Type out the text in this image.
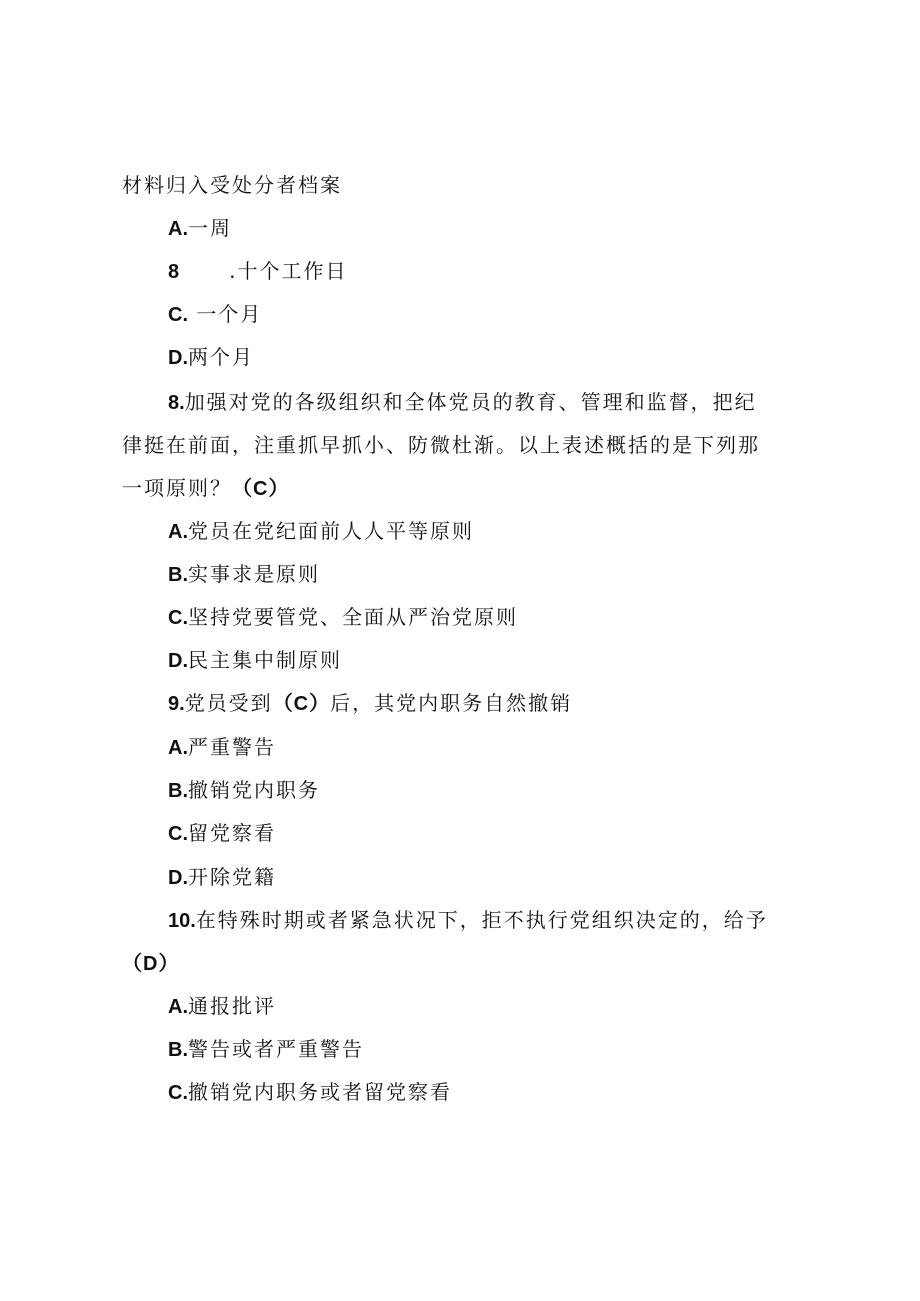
材料归入受处分者档案
A.一周
8	.十个工作日
C. 一个月
D.两个月
8.加强对党的各级组织和全体党员的教育、管理和监督，把纪
律挺在前面，注重抓早抓小、防微杜渐。以上表述概括的是下列那
一项原则？（C）
A.党员在党纪面前人人平等原则
B.实事求是原则
C.坚持党要管党、全面从严治党原则
D.民主集中制原则
9.党员受到（C）后，其党内职务自然撤销
A.严重警告
B.撤销党内职务
C.留党察看
D.开除党籍
10.在特殊时期或者紧急状况下，拒不执行党组织决定的，给予
（D）
A.通报批评
B.警告或者严重警告
C.撤销党内职务或者留党察看
